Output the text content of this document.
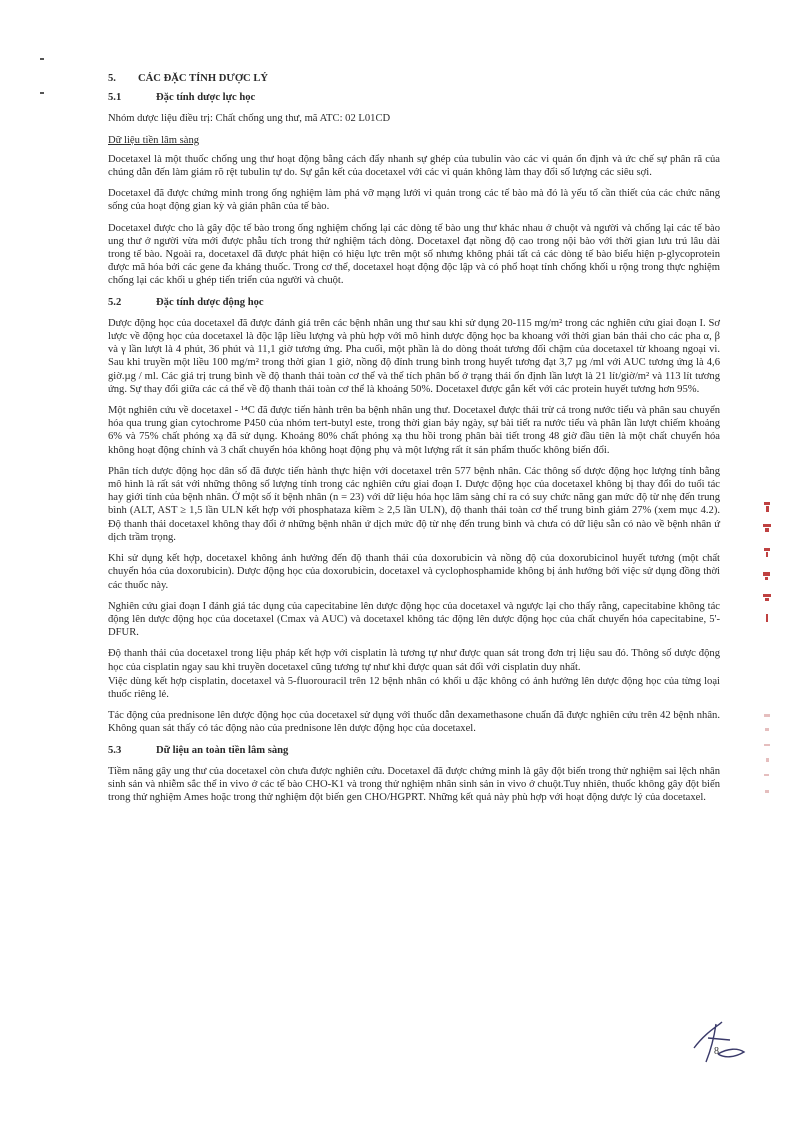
5. CÁC ĐẶC TÍNH DƯỢC LÝ
5.1	Đặc tính dược lực học

Nhóm dược liệu điều trị: Chất chống ung thư, mã ATC: 02 L01CD

Dữ liệu tiền lâm sàng

Docetaxel là một thuốc chống ung thư hoạt động bằng cách đẩy nhanh sự ghép của tubulin vào các vi quản ổn định và ức chế sự phân rã của chúng dẫn đến làm giảm rõ rệt tubulin tự do. Sự gắn kết của docetaxel với các vi quản không làm thay đổi số lượng các siêu sợi.

Docetaxel đã được chứng minh trong ống nghiệm làm phá vỡ mạng lưới vi quản trong các tế bào mà đó là yếu tố cần thiết của các chức năng sống của hoạt động gian kỳ và gián phân của tế bào.

Docetaxel được cho là gây độc tế bào trong ống nghiệm chống lại các dòng tế bào ung thư khác nhau ở chuột và người và chống lại các tế bào ung thư ở người vừa mới được phẫu tích trong thử nghiệm tách dòng. Docetaxel đạt nồng độ cao trong nội bào với thời gian lưu trú lâu dài trong tế bào. Ngoài ra, docetaxel đã được phát hiện có hiệu lực trên một số nhưng không phải tất cả các dòng tế bào biểu hiện p-glycoprotein được mã hóa bởi các gene đa kháng thuốc. Trong cơ thể, docetaxel hoạt động độc lập và có phổ hoạt tính chống khối u rộng trong thực nghiệm chống lại các khối u ghép tiến triển của người và chuột.

5.2	Đặc tính dược động học

Dược động học của docetaxel đã được đánh giá trên các bệnh nhân ung thư sau khi sử dụng 20-115 mg/m² trong các nghiên cứu giai đoạn I. Sơ lược về động học của docetaxel là độc lập liều lượng và phù hợp với mô hình dược động học ba khoang với thời gian bán thải cho các pha α, β và γ lần lượt là 4 phút, 36 phút và 11,1 giờ tương ứng. Pha cuối, một phần là do dòng thoát tương đối chậm của docetaxel từ khoang ngoại vi. Sau khi truyền một liều 100 mg/m² trong thời gian 1 giờ, nồng độ đỉnh trung bình trong huyết tương đạt 3,7 µg /ml với AUC tương ứng là 4,6 giờ.µg / ml. Các giá trị trung bình về độ thanh thải toàn cơ thể và thể tích phân bố ở trạng thái ổn định lần lượt là 21 lít/giờ/m² và 113 lít tương ứng. Sự thay đổi giữa các cá thể về độ thanh thải toàn cơ thể là khoảng 50%. Docetaxel được gắn kết với các protein huyết tương hơn 95%.

Một nghiên cứu về docetaxel - ¹⁴C đã được tiến hành trên ba bệnh nhân ung thư. Docetaxel được thải trừ cả trong nước tiểu và phân sau chuyển hóa qua trung gian cytochrome P450 của nhóm tert-butyl este, trong thời gian bảy ngày, sự bài tiết ra nước tiểu và phân lần lượt chiếm khoảng 6% và 75% chất phóng xạ đã sử dụng. Khoảng 80% chất phóng xạ thu hồi trong phân bài tiết trong 48 giờ đầu tiên là một chất chuyển hóa không hoạt động chính và 3 chất chuyển hóa không hoạt động phụ và một lượng rất ít sản phẩm thuốc không biến đổi.

Phân tích dược động học dân số đã được tiến hành thực hiện với docetaxel trên 577 bệnh nhân. Các thông số dược động học lượng tính bằng mô hình là rất sát với những thông số lượng tính trong các nghiên cứu giai đoạn I. Dược động học của docetaxel không bị thay đổi do tuổi tác hay giới tính của bệnh nhân. Ở một số ít bệnh nhân (n = 23) với dữ liệu hóa học lâm sàng chỉ ra có suy chức năng gan mức độ từ nhẹ đến trung bình (ALT, AST ≥ 1,5 lần ULN kết hợp với phosphataza kiềm ≥ 2,5 lần ULN), độ thanh thải toàn cơ thể trung bình giảm 27% (xem mục 4.2). Độ thanh thải docetaxel không thay đổi ở những bệnh nhân ứ dịch mức độ từ nhẹ đến trung bình và chưa có dữ liệu sẵn có nào về bệnh nhân ứ dịch trầm trọng.

Khi sử dụng kết hợp, docetaxel không ảnh hưởng đến độ thanh thải của doxorubicin và nồng độ của doxorubicinol huyết tương (một chất chuyển hóa của doxorubicin). Dược động học của doxorubicin, docetaxel và cyclophosphamide không bị ảnh hưởng bởi việc sử dụng đồng thời các thuốc này.

Nghiên cứu giai đoạn I đánh giá tác dụng của capecitabine lên dược động học của docetaxel và ngược lại cho thấy rằng, capecitabine không tác động lên dược động học của docetaxel (Cmax và AUC) và docetaxel không tác động lên dược động học của chất chuyển hóa capecitabine, 5'-DFUR.

Độ thanh thải của docetaxel trong liệu pháp kết hợp với cisplatin là tương tự như được quan sát trong đơn trị liệu sau đó. Thông số dược động học của cisplatin ngay sau khi truyền docetaxel cũng tương tự như khi được quan sát đối với cisplatin duy nhất.

Việc dùng kết hợp cisplatin, docetaxel và 5-fluorouracil trên 12 bệnh nhân có khối u đặc không có ảnh hưởng lên dược động học của từng loại thuốc riêng lẻ.

Tác động của prednisone lên dược động học của docetaxel sử dụng với thuốc dẫn dexamethasone chuẩn đã được nghiên cứu trên 42 bệnh nhân. Không quan sát thấy có tác động nào của prednisone lên dược động học của docetaxel.

5.3	Dữ liệu an toàn tiền lâm sàng

Tiềm năng gây ung thư của docetaxel còn chưa được nghiên cứu. Docetaxel đã được chứng minh là gây đột biến trong thử nghiệm sai lệch nhân sinh sản và nhiễm sắc thể in vivo ở các tế bào CHO-K1 và trong thử nghiệm nhân sinh sản in vivo ở chuột.Tuy nhiên, thuốc không gây đột biến trong thử nghiệm Ames hoặc trong thử nghiệm đột biến gen CHO/HGPRT. Những kết quả này phù hợp với hoạt động dược lý của docetaxel.

8
